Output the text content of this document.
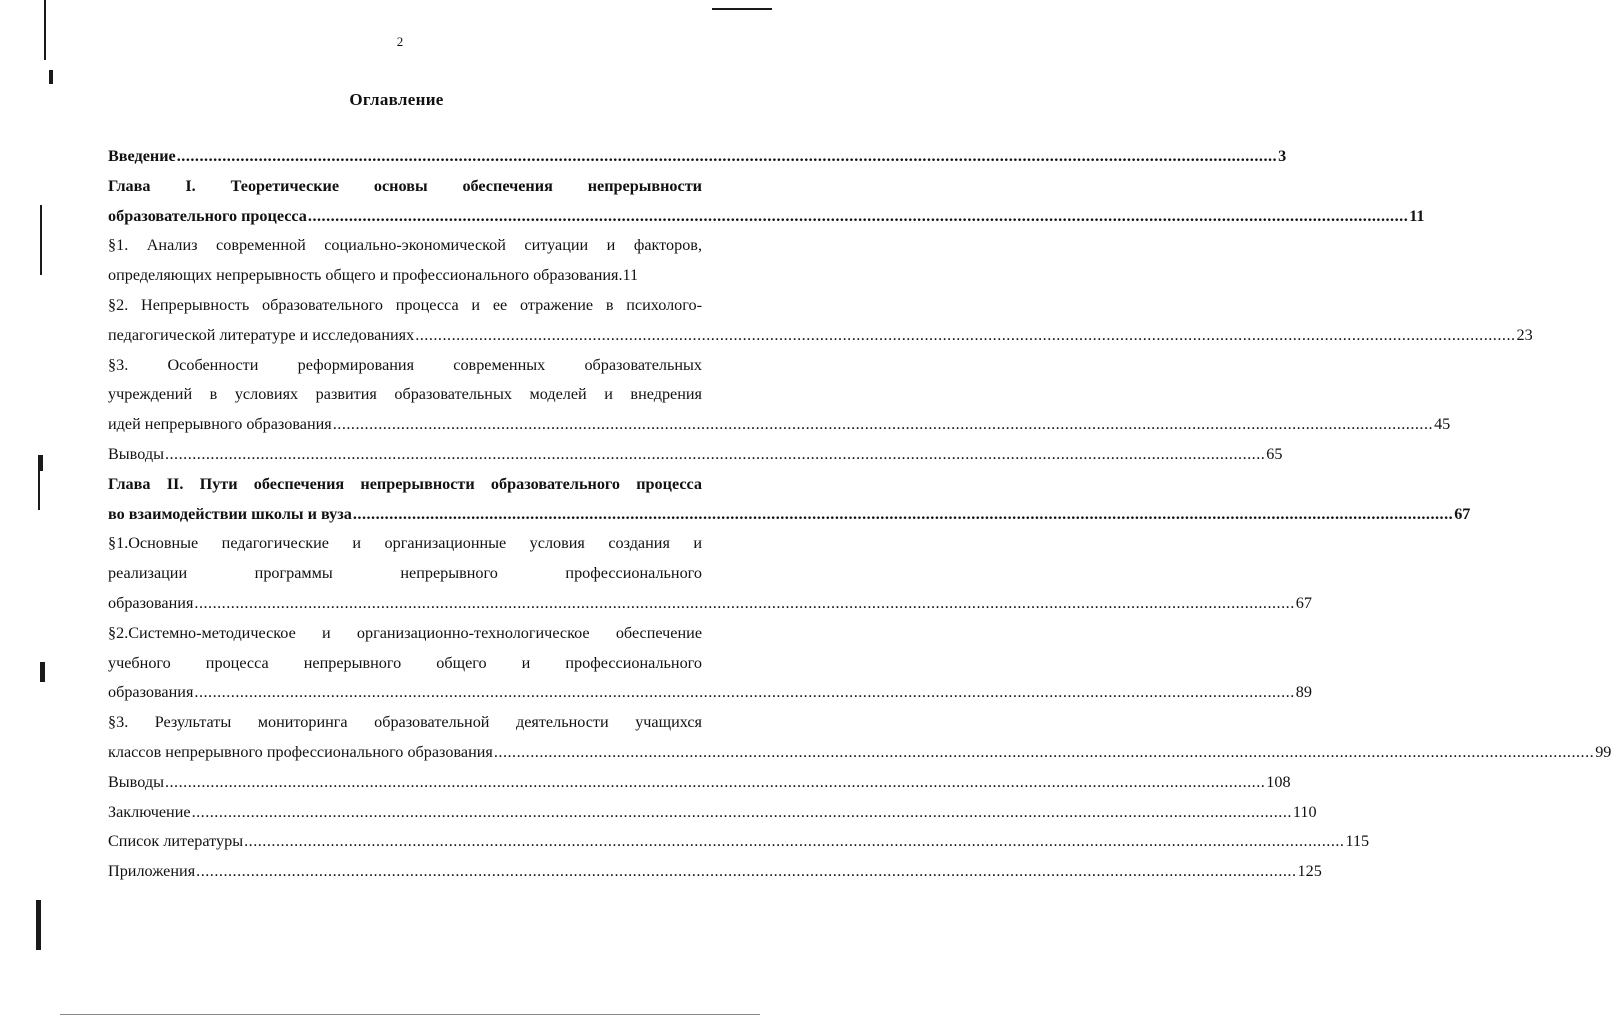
2
Оглавление
Введение .................................................................................................................................................................................................................................................. 3
Глава I. Теоретические основы обеспечения непрерывности
образовательного процесса .................................................................................................................................................................................................................................................. 11
§1. Анализ современной социально-экономической ситуации и факторов,
определяющих непрерывность общего и профессионального образования.11
§2. Непрерывность образовательного процесса и ее отражение в психолого-
педагогической литературе и исследованиях .................................................................................................................................................................................................................................................. 23
§3. Особенности реформирования современных образовательных
учреждений в условиях развития образовательных моделей и внедрения
идей непрерывного образования .................................................................................................................................................................................................................................................. 45
Выводы .................................................................................................................................................................................................................................................. 65
Глава II. Пути обеспечения непрерывности образовательного процесса
во взаимодействии школы и вуза .................................................................................................................................................................................................................................................. 67
§1.Основные педагогические и организационные условия создания и
реализации программы непрерывного профессионального
образования .................................................................................................................................................................................................................................................. 67
§2.Системно-методическое и организационно-технологическое обеспечение
учебного процесса непрерывного общего и профессионального
образования .................................................................................................................................................................................................................................................. 89
§3. Результаты мониторинга образовательной деятельности учащихся
классов непрерывного профессионального образования .................................................................................................................................................................................................................................................. 99
Выводы .................................................................................................................................................................................................................................................. 108
Заключение .................................................................................................................................................................................................................................................. 110
Список литературы .................................................................................................................................................................................................................................................. 115
Приложения .................................................................................................................................................................................................................................................. 125
